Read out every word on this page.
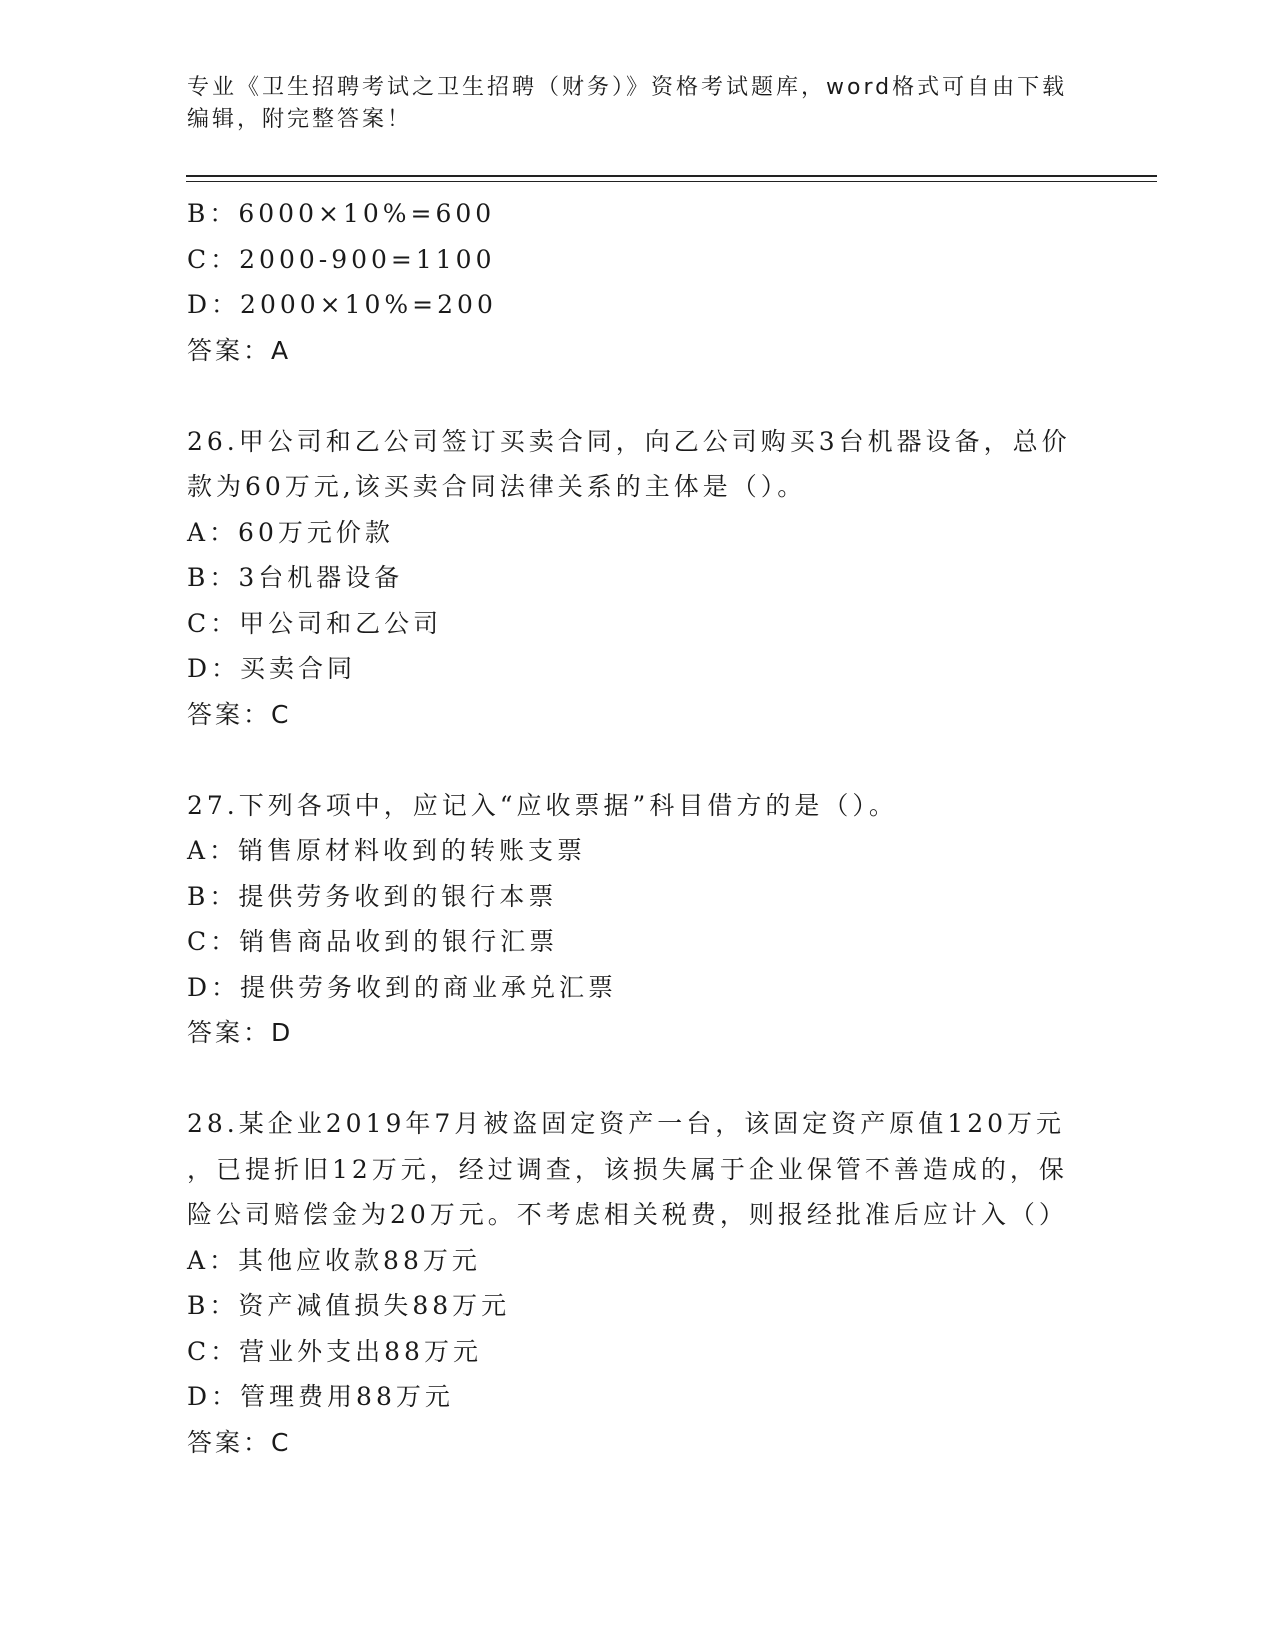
专业《卫生招聘考试之卫生招聘（财务）》资格考试题库，word格式可自由下载
编辑，附完整答案！
B：6000×10%=600
C：2000-900=1100
D：2000×10%=200
答案：A
26.甲公司和乙公司签订买卖合同，向乙公司购买3台机器设备，总价
款为60万元,该买卖合同法律关系的主体是（）。
A：60万元价款
B：3台机器设备
C：甲公司和乙公司
D：买卖合同
答案：C
27.下列各项中，应记入“应收票据”科目借方的是（）。
A：销售原材料收到的转账支票
B：提供劳务收到的银行本票
C：销售商品收到的银行汇票
D：提供劳务收到的商业承兑汇票
答案：D
28.某企业2019年7月被盗固定资产一台，该固定资产原值120万元
，已提折旧12万元，经过调查，该损失属于企业保管不善造成的，保
险公司赔偿金为20万元。不考虑相关税费，则报经批准后应计入（）
A：其他应收款88万元
B：资产减值损失88万元
C：营业外支出88万元
D：管理费用88万元
答案：C
